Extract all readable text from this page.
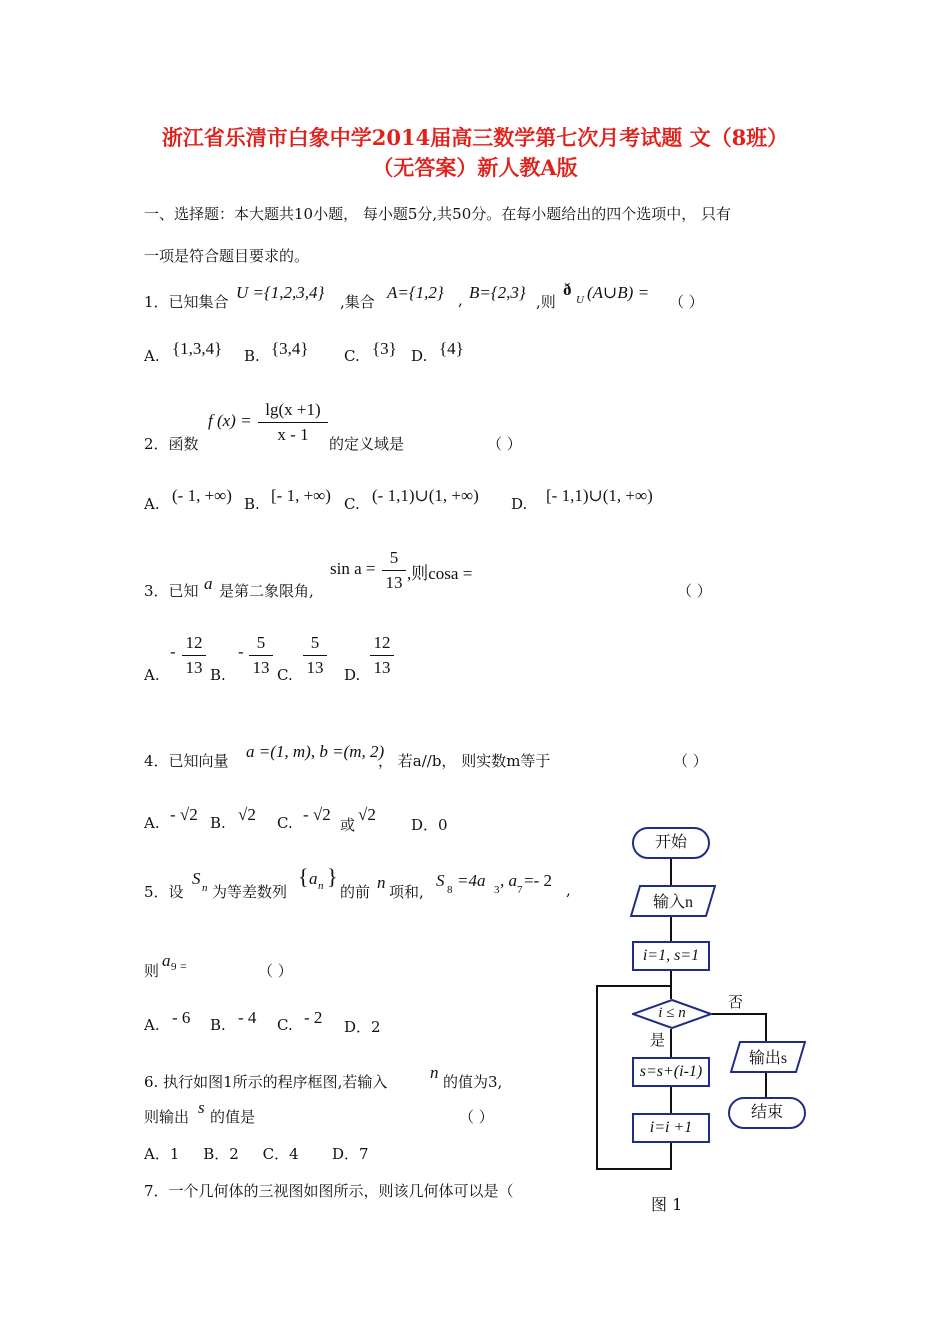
浙江省乐清市白象中学2014届高三数学第七次月考试题 文（8班）
（无答案）新人教A版
一、选择题：本大题共10小题， 每小题5分,共50分。在每小题给出的四个选项中， 只有
一项是符合题目要求的。
1．已知集合 U ={1,2,3,4} ,集合 A={1,2} , B={2,3} ,则
ð
U (A∪B) = （ ）
A. {1,3,4} B. {3,4} C. {3} D. {4}
2．函数
f $(x) = \frac{\lg(x +1)}{x - 1}$ 的定义域是	（ ）
A. (- 1, +∞) B. [- 1, +∞) C. (- 1,1)∪(1, +∞) D. [- 1,1)∪(1, +∞)
3．已知 a 是第二象限角,
$\sin a = \frac{5}{13}$ ,则cosa =
（ ）
A.
- $\frac{12}{13} B$.
- $\frac{5}{13} C$. $\frac{5}{13} D$. $\frac{12}{13}$
4．已知向量 a =(1, m), b =(m, 2)
， 若a//b， 则实数m等于	（ ）
A. - √2 B. √2 C. - √2
或
√2
D．0
5．设
S n 为等差数列
{ a n }
的前 n 项和,
S 8 =4a 3 , a 7 =- 2 ,
则
a 9 =	（ ）
A. - 6 B. - 4 C. - 2 D．2
6. 执行如图1所示的程序框图,若输入	n 的值为3,
则输出 s 的值是	（ ）
A．1     B．2     C．4       D．7
7．一个几何体的三视图如图所示，则该几何体可以是（
开始
输入n
i=1, s=1
i ≤ n
否
是
s=s+(i-1)
i=i +1
输出s
结束
图 1
